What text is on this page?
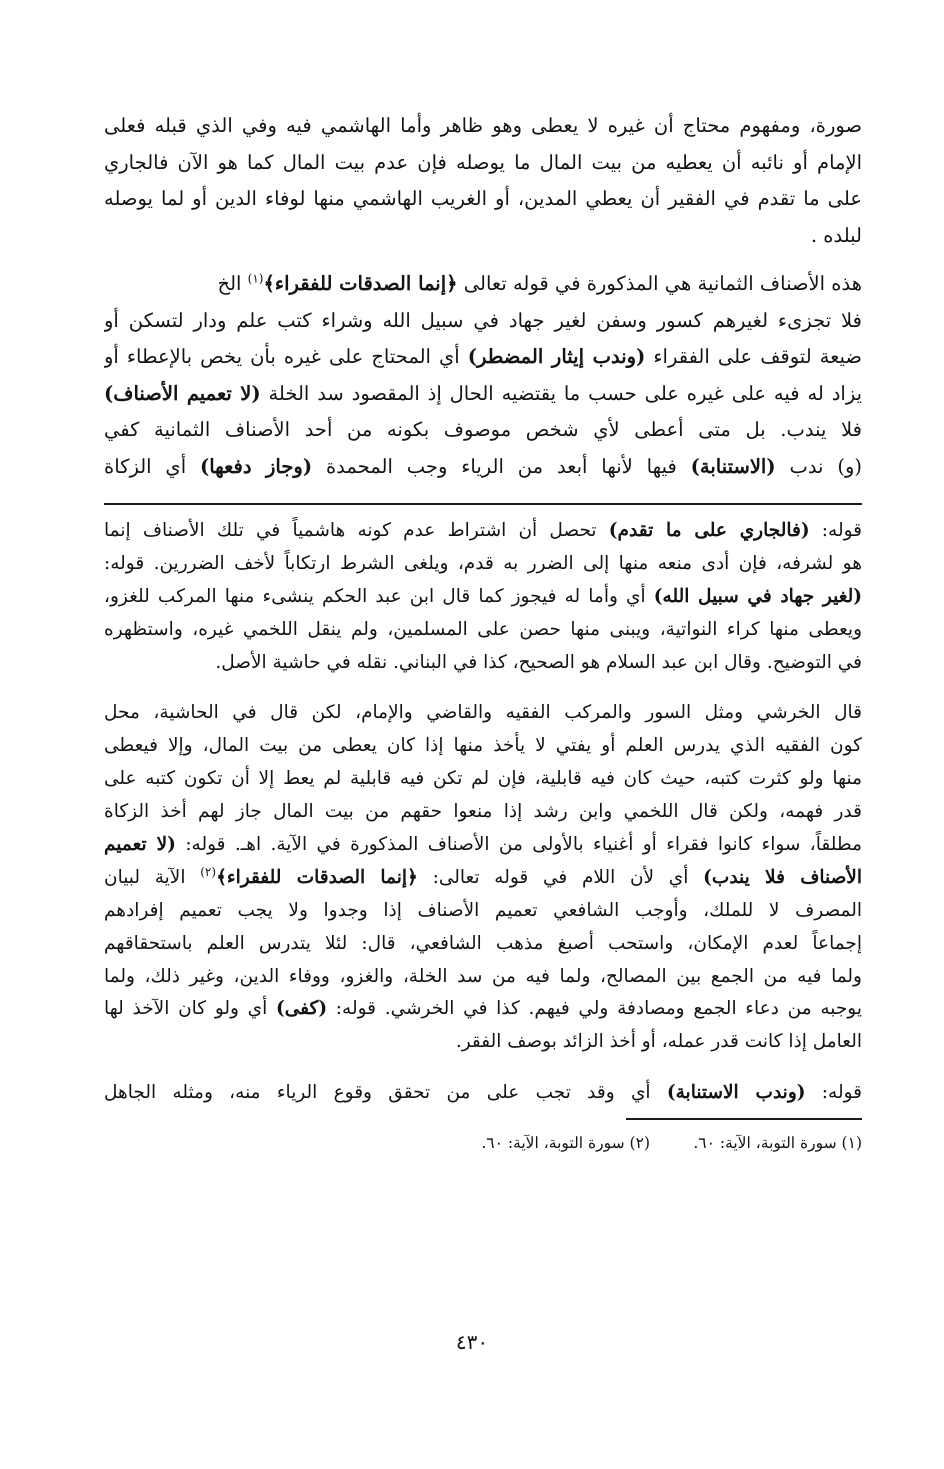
صورة، ومفهوم محتاج أن غيره لا يعطى وهو ظاهر وأما الهاشمي فيه وفي الذي قبله فعلى
الإمام أو نائبه أن يعطيه من بيت المال ما يوصله فإن عدم بيت المال كما هو الآن فالجاري
على ما تقدم في الفقير أن يعطي المدين، أو الغريب الهاشمي منها لوفاء الدين أو لما يوصله
لبلده .
هذه الأصناف الثمانية هي المذكورة في قوله تعالى ﴿إنما الصدقات للفقراء﴾$^{(١)}$ الخ
فلا تجزىء لغيرهم كسور وسفن لغير جهاد في سبيل الله وشراء كتب علم ودار لتسكن أو
ضيعة لتوقف على الفقراء (وندب إيثار المضطر) أي المحتاج على غيره بأن يخص بالإعطاء أو
يزاد له فيه على غيره على حسب ما يقتضيه الحال إذ المقصود سد الخلة (لا تعميم الأصناف)
فلا يندب. بل متى أعطى لأي شخص موصوف بكونه من أحد الأصناف الثمانية كفي
(و) ندب (الاستنابة) فيها لأنها أبعد من الرياء وجب المحمدة (وجاز دفعها) أي الزكاة
قوله: (فالجاري على ما تقدم) تحصل أن اشتراط عدم كونه هاشمياً في تلك الأصناف إنما
هو لشرفه، فإن أدى منعه منها إلى الضرر به قدم، ويلغى الشرط ارتكاباً لأخف الضررين. قوله:
(لغير جهاد في سبيل الله) أي وأما له فيجوز كما قال ابن عبد الحكم ينشىء منها المركب للغزو،
ويعطى منها كراء النواتية، ويبنى منها حصن على المسلمين، ولم ينقل اللخمي غيره، واستظهره
في التوضيح. وقال ابن عبد السلام هو الصحيح، كذا في البناني. نقله في حاشية الأصل.
قال الخرشي ومثل السور والمركب الفقيه والقاضي والإمام، لكن قال في الحاشية، محل
كون الفقيه الذي يدرس العلم أو يفتي لا يأخذ منها إذا كان يعطى من بيت المال، وإلا فيعطى
منها ولو كثرت كتبه، حيث كان فيه قابلية، فإن لم تكن فيه قابلية لم يعط إلا أن تكون كتبه على
قدر فهمه، ولكن قال اللخمي وابن رشد إذا منعوا حقهم من بيت المال جاز لهم أخذ الزكاة
مطلقاً، سواء كانوا فقراء أو أغنياء بالأولى من الأصناف المذكورة في الآية. اهـ. قوله: (لا تعميم
الأصناف فلا يندب) أي لأن اللام في قوله تعالى: ﴿إنما الصدقات للفقراء﴾$^{(٢)}$ الآية لبيان
المصرف لا للملك، وأوجب الشافعي تعميم الأصناف إذا وجدوا ولا يجب تعميم إفرادهم
إجماعاً لعدم الإمكان، واستحب أصبغ مذهب الشافعي، قال: لئلا يتدرس العلم باستحقاقهم
ولما فيه من الجمع بين المصالح، ولما فيه من سد الخلة، والغزو، ووفاء الدين، وغير ذلك، ولما
يوجبه من دعاء الجمع ومصادفة ولي فيهم. كذا في الخرشي. قوله: (كفى) أي ولو كان الآخذ لها
العامل إذا كانت قدر عمله، أو أخذ الزائد بوصف الفقر.
قوله: (وندب الاستنابة) أي وقد تجب على من تحقق وقوع الرياء منه، ومثله الجاهل
(١) سورة التوبة، الآية: ٦٠.
(٢) سورة التوبة، الآية: ٦٠.
٤٣٠
